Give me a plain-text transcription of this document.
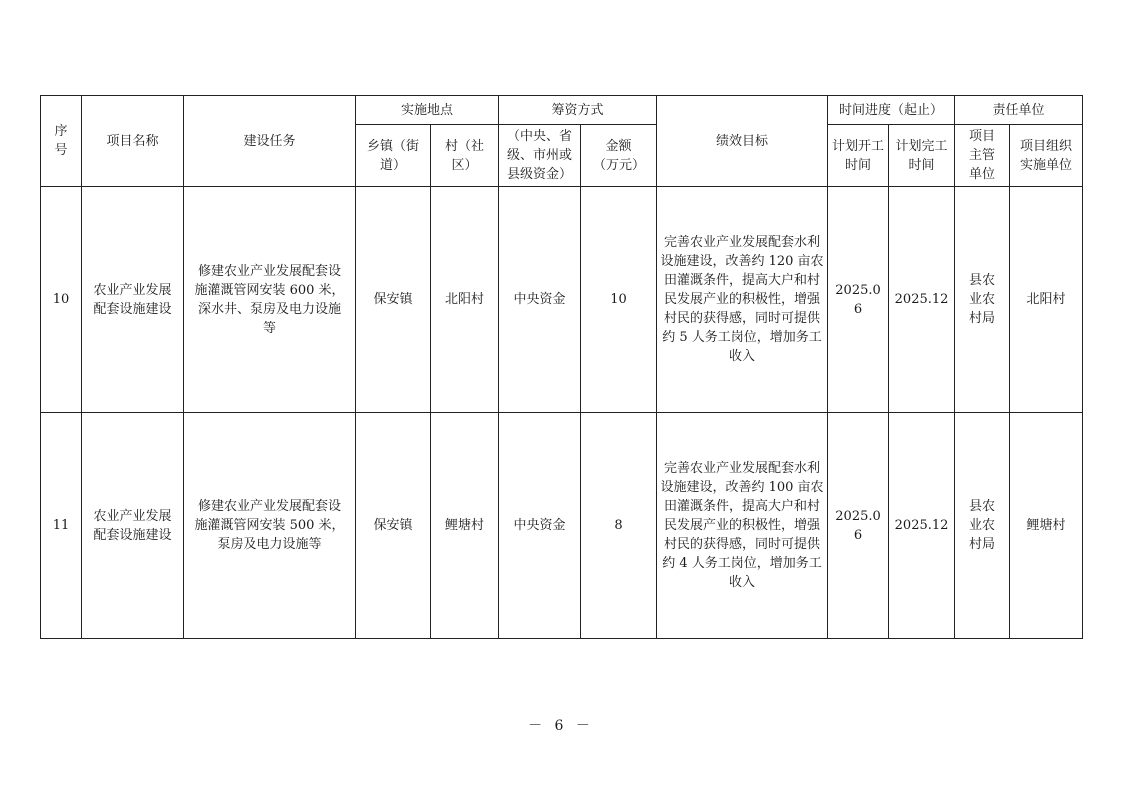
序号	项目名称	建设任务	实施地点		筹资方式		绩效目标	时间进度（起止）		责任单位	
			乡镇（街道）	村（社区）	（中央、省级、市州或县级资金）	金额（万元）		计划开工时间	计划完工时间	项目主管单位	项目组织实施单位
10	农业产业发展配套设施建设	修建农业产业发展配套设施灌溉管网安装 600 米，深水井、泵房及电力设施等	保安镇	北阳村	中央资金	10	完善农业产业发展配套水利设施建设，改善约 120 亩农田灌溉条件，提高大户和村民发展产业的积极性，增强村民的获得感，同时可提供约 5 人务工岗位，增加务工收入	2025.06	2025.12	县农业农村局	北阳村
11	农业产业发展配套设施建设	修建农业产业发展配套设施灌溉管网安装 500 米，泵房及电力设施等	保安镇	鲤塘村	中央资金	8	完善农业产业发展配套水利设施建设，改善约 100 亩农田灌溉条件，提高大户和村民发展产业的积极性，增强村民的获得感，同时可提供约 4 人务工岗位，增加务工收入	2025.06	2025.12	县农业农村局	鲤塘村
－ 6 －
